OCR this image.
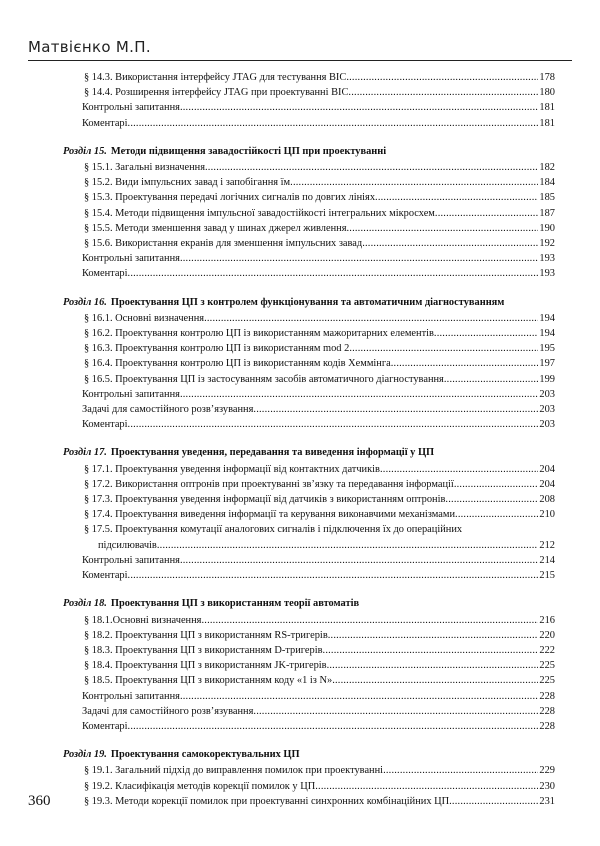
Матвієнко М.П.
§ 14.3. Використання інтерфейсу JTAG для тестування ВІС .....	178
§ 14.4. Розширення інтерфейсу JTAG при проектуванні ВІС .....	180
Контрольні запитання .....	181
Коментарі .....	181
Розділ 15. Методи підвищення завадостійкості ЦП при проектуванні
§ 15.1. Загальні визначення .....	182
§ 15.2. Види імпульсних завад і запобігання їм .....	184
§ 15.3. Проектування передачі логічних сигналів по довгих лініях .....	185
§ 15.4. Методи підвищення імпульсної завадостійкості інтегральних мікросхем .....	187
§ 15.5. Методи зменшення завад у шинах джерел живлення .....	190
§ 15.6. Використання екранів для зменшення імпульсних завад .....	192
Контрольні запитання .....	193
Коментарі .....	193
Розділ 16. Проектування ЦП з контролем функціонування та автоматичним діагностуванням
§ 16.1. Основні визначення .....	194
§ 16.2. Проектування контролю ЦП із використанням мажоритарних елементів .....	194
§ 16.3. Проектування контролю ЦП із використанням mod 2 .....	195
§ 16.4. Проектування контролю ЦП із використанням кодів Хеммінга .....	197
§ 16.5. Проектування ЦП із застосуванням засобів автоматичного діагностування .....	199
Контрольні запитання .....	203
Задачі для самостійного розв’язування .....	203
Коментарі .....	203
Розділ 17. Проектування уведення, передавання та виведення інформації у ЦП
§ 17.1. Проектування уведення інформації від контактних датчиків .....	204
§ 17.2. Використання оптронів при проектуванні зв’язку та передавання інформації .....	204
§ 17.3. Проектування уведення інформації від датчиків з використанням оптронів .....	208
§ 17.4. Проектування виведення інформації та керування виконавчими механізмами .....	210
§ 17.5. Проектування комутації аналогових сигналів і підключення їх до операційних
підсилювачів .....	212
Контрольні запитання .....	214
Коментарі .....	215
Розділ 18. Проектування ЦП з використанням теорії автоматів
§ 18.1.Основні визначення .....	216
§ 18.2. Проектування ЦП з використанням RS-тригерів .....	220
§ 18.3. Проектування ЦП з використанням D-тригерів .....	222
§ 18.4. Проектування ЦП з використанням JK-тригерів .....	225
§ 18.5. Проектування ЦП з використанням коду «1 із N» .....	225
Контрольні запитання .....	228
Задачі для самостійного розв’язування .....	228
Коментарі .....	228
Розділ 19. Проектування самокоректувальних ЦП
§ 19.1. Загальний підхід до виправлення помилок при проектуванні .....	229
§ 19.2. Класифікація методів корекції помилок у ЦП .....	230
§ 19.3. Методи корекції помилок при проектуванні синхронних комбінаційних ЦП .....	231
360
